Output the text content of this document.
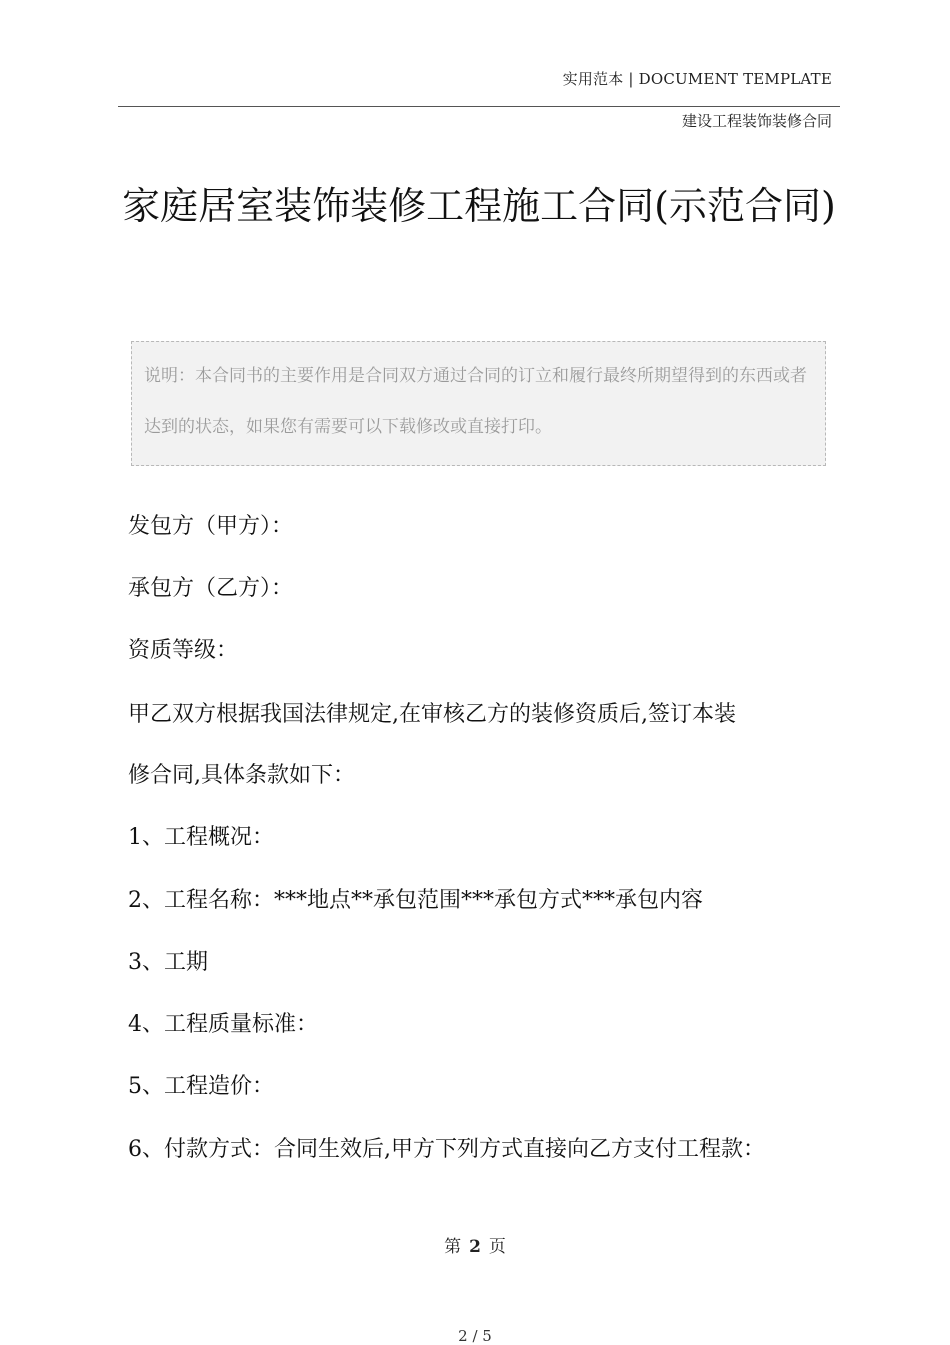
实用范本 | DOCUMENT TEMPLATE
建设工程装饰装修合同
家庭居室装饰装修工程施工合同(示范合同)
说明：本合同书的主要作用是合同双方通过合同的订立和履行最终所期望得到的东西或者达到的状态，如果您有需要可以下载修改或直接打印。
发包方（甲方）：
承包方（乙方）：
资质等级：
甲乙双方根据我国法律规定,在审核乙方的装修资质后,签订本装
修合同,具体条款如下：
1、工程概况：
2、工程名称：***地点**承包范围***承包方式***承包内容
3、工期
4、工程质量标准：
5、工程造价：
6、付款方式：合同生效后,甲方下列方式直接向乙方支付工程款：
第 2 页
2 / 5
